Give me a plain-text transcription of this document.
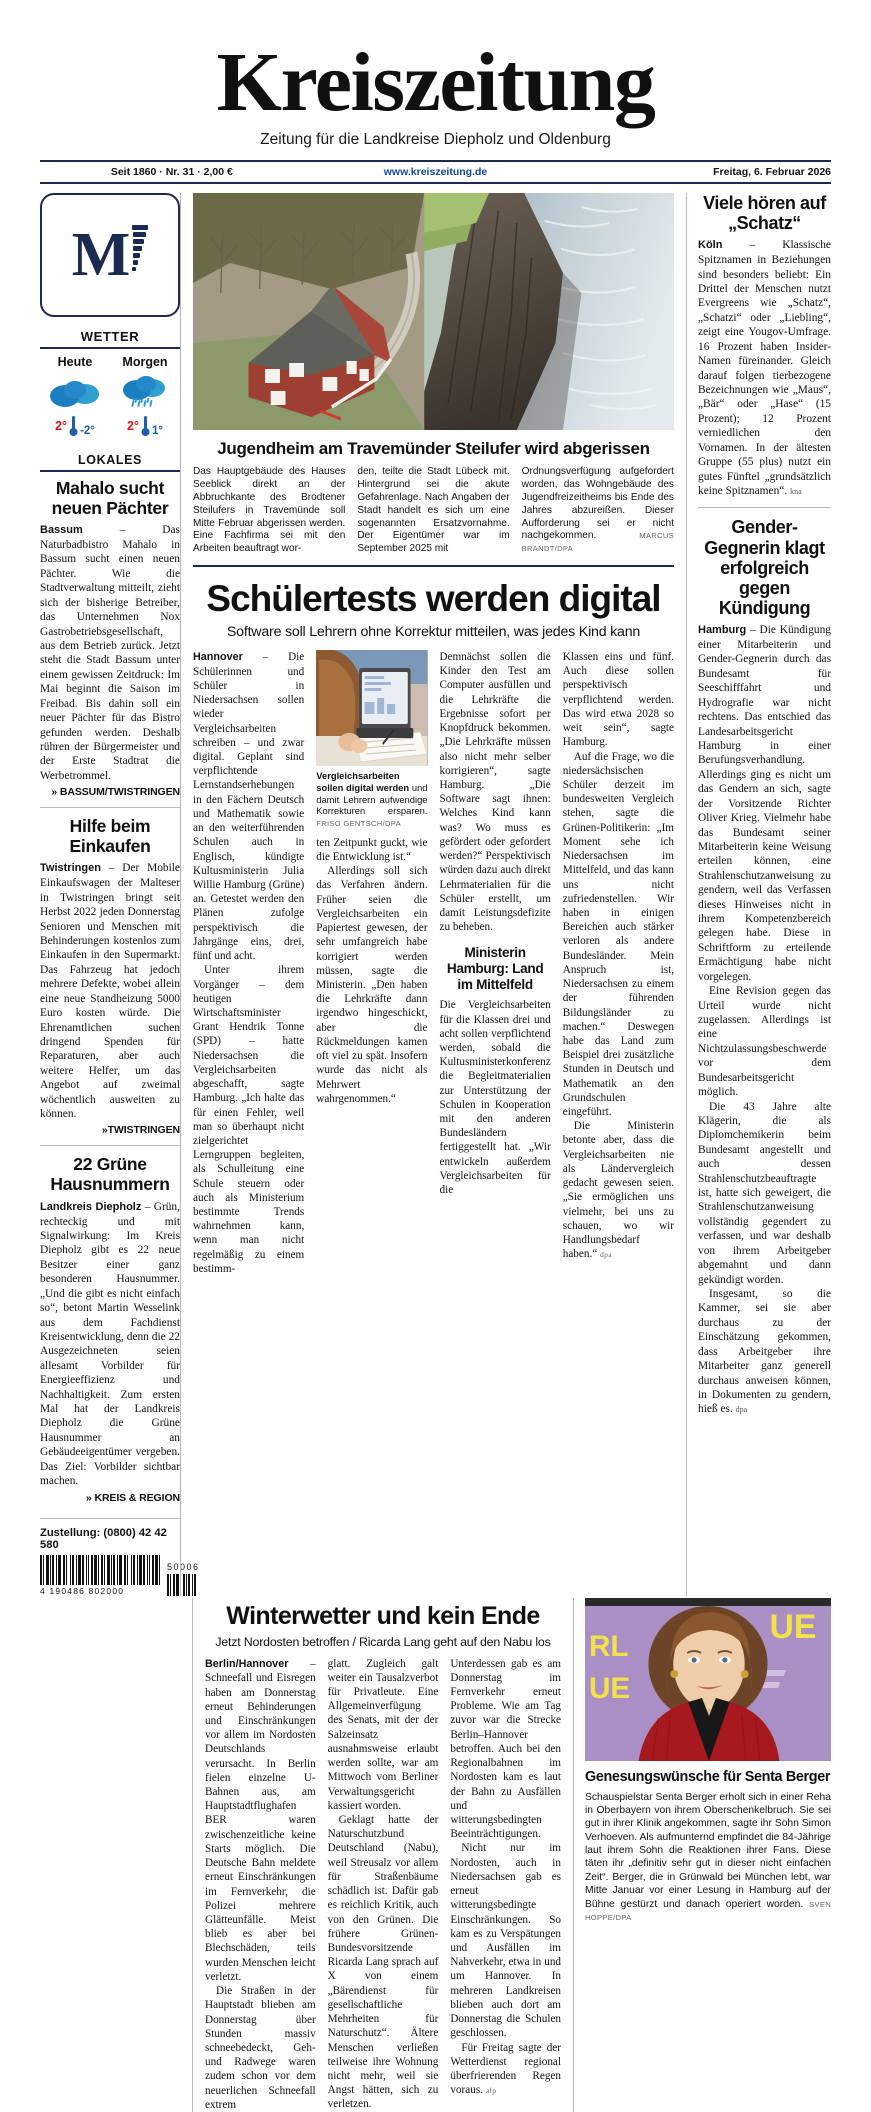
Kreiszeitung
Zeitung für die Landkreise Diepholz und Oldenburg
Seit 1860 · Nr. 31 · 2,00 €	www.kreiszeitung.de	Freitag, 6. Februar 2026
M
WETTER
Heute
2° -2°
Morgen
2° 1°
LOKALES
Mahalo sucht neuen Pächter

Bassum	– Das Naturbadbistro Mahalo in Bassum sucht einen neuen Pächter. Wie die Stadtverwaltung mitteilt, zieht sich der bisherige Betreiber, das Unternehmen Nox Gastrobetriebsgesellschaft, aus dem Betrieb zurück. Jetzt steht die Stadt Bassum unter einem gewissen Zeitdruck: Im Mai beginnt die Saison im Freibad. Bis dahin soll ein neuer Pächter für das Bistro gefunden werden. Deshalb rühren der Bürgermeister und der Erste Stadtrat die Werbetrommel.

» BASSUM/TWISTRINGEN
Hilfe beim Einkaufen

Twistringen – Der Mobile Einkaufswagen der Malteser in Twistringen bringt seit Herbst 2022 jeden Donnerstag Senioren und Menschen mit Behinderungen kostenlos zum Einkaufen in den Supermarkt. Das Fahrzeug hat jedoch mehrere Defekte, wobei allein eine neue Standheizung 5000 Euro kosten würde. Die Ehrenamtlichen suchen dringend Spenden für Reparaturen, aber auch weitere Helfer, um das Angebot auf zweimal wöchentlich ausweiten zu können.

»TWISTRINGEN
22 Grüne Hausnummern

Landkreis Diepholz – Grün, rechteckig und mit Signalwirkung: Im Kreis Diepholz gibt es 22 neue Besitzer einer ganz besonderen Hausnummer. „Und die gibt es nicht einfach so“, betont Martin Wesselink aus dem Fachdienst Kreisentwicklung, denn die 22 Ausgezeichneten seien allesamt Vorbilder für Energieeffizienz und Nachhaltigkeit. Zum ersten Mal hat der Landkreis Diepholz die Grüne Hausnummer an Gebäudeeigentümer vergeben. Das Ziel: Vorbilder sichtbar machen.

» KREIS & REGION
Zustellung: (0800) 42 42 580
4 190486 802000
50006
Jugendheim am Travemünder Steilufer wird abgerissen

Das Hauptgebäude des Hauses Seeblick direkt an der Abbruchkante des Brodtener Steilufers in Travemünde soll Mitte Februar abgerissen werden. Eine Fachfirma sei mit den Arbeiten beauftragt wor-

den, teilte die Stadt Lübeck mit. Hintergrund sei die akute Gefahrenlage. Nach Angaben der Stadt handelt es sich um eine sogenannten Ersatzvornahme. Der Eigentümer war im September 2025 mit

Ordnungsverfügung aufgefordert worden, das Wohngebäude des Jugendfreizeitheims bis Ende des Jahres abzureißen. Dieser Aufforderung sei er nicht nachgekommen.	MARCUS BRANDT/DPA

Schülertests werden digital

Software soll Lehrern ohne Korrektur mitteilen, was jedes Kind kann

Hannover – Die Schülerinnen und Schüler in Niedersachsen sollen wieder Vergleichsarbeiten schreiben – und zwar digital. Geplant sind verpflichtende Lernstandserhebungen in den Fächern Deutsch und Mathematik sowie an den weiterführenden Schulen auch in Englisch, kündigte Kultusministerin Julia Willie Hamburg (Grüne) an. Getestet werden den Plänen zufolge perspektivisch die Jahrgänge eins, drei, fünf und acht.

Unter ihrem Vorgänger – dem heutigen Wirtschaftsminister Grant Hendrik Tonne (SPD) – hatte Niedersachsen die Vergleichsarbeiten abgeschafft, sagte Hamburg. „Ich halte das für einen Fehler, weil man so überhaupt nicht zielgerichtet Lerngruppen begleiten, als Schulleitung eine Schule steuern oder auch als Ministerium bestimmte Trends wahrnehmen kann, wenn man nicht regelmäßig zu einem bestimm-

Vergleichsarbeiten sollen digital werden und damit Lehrern aufwendige Korrekturen ersparen. FRISO GENTSCH/DPA

ten Zeitpunkt guckt, wie die Entwicklung ist.“

Allerdings soll sich das Verfahren ändern. Früher seien die Vergleichsarbeiten ein Papiertest gewesen, der sehr umfangreich habe korrigiert werden müssen, sagte die Ministerin. „Den haben die Lehrkräfte dann irgendwo hingeschickt, aber die Rückmeldungen kamen oft viel zu spät. Insofern wurde das nicht als Mehrwert wahrgenommen.“

Demnächst sollen die Kinder den Test am Computer ausfüllen und die Lehrkräfte die Ergebnisse sofort per Knopfdruck bekommen. „Die Lehrkräfte müssen also nicht mehr selber korrigieren“, sagte Hamburg. „Die Software sagt ihnen: Welches Kind kann was? Wo muss es gefördert oder gefordert werden?“ Perspektivisch würden dazu auch direkt Lehrmaterialien für die Schüler erstellt, um damit Leistungsdefizite zu beheben.

Ministerin Hamburg: Land im Mittelfeld

Die Vergleichsarbeiten für die Klassen drei und acht sollen verpflichtend werden, sobald die Kultusministerkonferenz die Begleitmaterialien zur Unterstützung der Schulen in Kooperation mit den anderen Bundesländern fertiggestellt hat. „Wir entwickeln außerdem Vergleichsarbeiten für die

Klassen eins und fünf. Auch diese sollen perspektivisch verpflichtend werden. Das wird etwa 2028 so weit sein“, sagte Hamburg.

Auf die Frage, wo die niedersächsischen Schüler derzeit im bundesweiten Vergleich stehen, sagte die Grünen-Politikerin: „Im Moment sehe ich Niedersachsen im Mittelfeld, und das kann uns nicht zufriedenstellen. Wir haben in einigen Bereichen auch stärker verloren als andere Bundesländer. Mein Anspruch ist, Niedersachsen zu einem der führenden Bildungsländer zu machen.“ Deswegen habe das Land zum Beispiel drei zusätzliche Stunden in Deutsch und Mathematik an den Grundschulen eingeführt.

Die Ministerin betonte aber, dass die Vergleichsarbeiten nie als Ländervergleich gedacht gewesen seien. „Sie ermöglichen uns vielmehr, bei uns zu schauen, wo wir Handlungsbedarf haben.“ dpa

Viele hören auf „Schatz“

Köln – Klassische Spitznamen in Beziehungen sind besonders beliebt: Ein Drittel der Menschen nutzt Evergreens wie „Schatz“, „Schatzi“ oder „Liebling“, zeigt eine Yougov-Umfrage. 16 Prozent haben Insider-Namen füreinander. Gleich darauf folgen tierbezogene Bezeichnungen wie „Maus“, „Bär“ oder „Hase“ (15 Prozent); 12 Prozent verniedlichen den Vornamen. In der ältesten Gruppe (55 plus) nutzt ein gutes Fünftel „grundsätzlich keine Spitznamen“. kna

Gender-Gegnerin klagt erfolgreich gegen Kündigung

Hamburg – Die Kündigung einer Mitarbeiterin und Gender-Gegnerin durch das Bundesamt für Seeschifffahrt und Hydrografie war nicht rechtens. Das entschied das Landesarbeitsgericht Hamburg in einer Berufungsverhandlung. Allerdings ging es nicht um das Gendern an sich, sagte der Vorsitzende Richter Oliver Krieg. Vielmehr habe das Bundesamt seiner Mitarbeiterin keine Weisung erteilen können, eine Strahlenschutzanweisung zu gendern, weil das Verfassen dieses Hinweises nicht in ihrem Kompetenzbereich gelegen habe. Diese in Schriftform zu erteilende Ermächtigung habe nicht vorgelegen.

Eine Revision gegen das Urteil wurde nicht zugelassen. Allerdings ist eine Nichtzulassungsbeschwerde vor dem Bundesarbeitsgericht möglich.

Die 43 Jahre alte Klägerin, die als Diplomchemikerin beim Bundesamt angestellt und auch dessen Strahlenschutzbeauftragte ist, hatte sich geweigert, die Strahlenschutzanweisung vollständig gegendert zu verfassen, und war deshalb von ihrem Arbeitgeber abgemahnt und dann gekündigt worden.

Insgesamt, so die Kammer, sei sie aber durchaus zu der Einschätzung gekommen, dass Arbeitgeber ihre Mitarbeiter ganz generell durchaus anweisen können, in Dokumenten zu gendern, hieß es. dpa

Winterwetter und kein Ende

Jetzt Nordosten betroffen / Ricarda Lang geht auf den Nabu los

Berlin/Hannover – Schneefall und Eisregen haben am Donnerstag erneut Behinderungen und Einschränkungen vor allem im Nordosten Deutschlands verursacht. In Berlin fielen einzelne U-Bahnen aus, am Hauptstadtflughafen BER waren zwischenzeitliche keine Starts möglich. Die Deutsche Bahn meldete erneut Einschränkungen im Fernverkehr, die Polizei mehrere Glätteunfälle. Meist blieb es aber bei Blechschäden, teils wurden Menschen leicht verletzt.

Die Straßen in der Hauptstadt blieben am Donnerstag über Stunden massiv schneebedeckt, Geh- und Radwege waren zudem schon vor dem neuerlichen Schneefall extrem

glatt. Zugleich galt weiter ein Tausalzverbot für Privatleute. Eine Allgemeinverfügung des Senats, mit der der Salzeinsatz ausnahmsweise erlaubt werden sollte, war am Mittwoch vom Berliner Verwaltungsgericht kassiert worden.

Geklagt hatte der Naturschutzbund Deutschland (Nabu), weil Streusalz vor allem für Straßenbäume schädlich ist. Dafür gab es reichlich Kritik, auch von den Grünen. Die frühere Grünen-Bundesvorsitzende Ricarda Lang sprach auf X von einem „Bärendienst für gesellschaftliche Mehrheiten für Naturschutz“. Ältere Menschen verließen teilweise ihre Wohnung nicht mehr, weil sie Angst hätten, sich zu verletzen.

Unterdessen gab es am Donnerstag im Fernverkehr erneut Probleme. Wie am Tag zuvor war die Strecke Berlin–Hannover betroffen. Auch bei den Regionalbahnen im Nordosten kam es laut der Bahn zu Ausfällen und witterungsbedingten Beeinträchtigungen.

Nicht nur im Nordosten, auch in Niedersachsen gab es erneut witterungsbedingte Einschränkungen. So kam es zu Verspätungen und Ausfällen im Nahverkehr, etwa in und um Hannover. In mehreren Landkreisen blieben auch dort am Donnerstag die Schulen geschlossen.

Für Freitag sagte der Wetterdienst regional überfrierenden Regen voraus. afp

RL
UE
UE
Genesungswünsche für Senta Berger

Schauspielstar Senta Berger erholt sich in einer Reha in Oberbayern von ihrem Oberschenkelbruch. Sie sei gut in ihrer Klinik angekommen, sagte ihr Sohn Simon Verhoeven. Als aufmunternd empfindet die 84-Jährige laut ihrem Sohn die Reaktionen ihrer Fans. Diese täten ihr „definitiv sehr gut in dieser nicht einfachen Zeit“. Berger, die in Grünwald bei München lebt, war Mitte Januar vor einer Lesung in Hamburg auf der Bühne gestürzt und danach operiert worden. SVEN HOPPE/DPA
